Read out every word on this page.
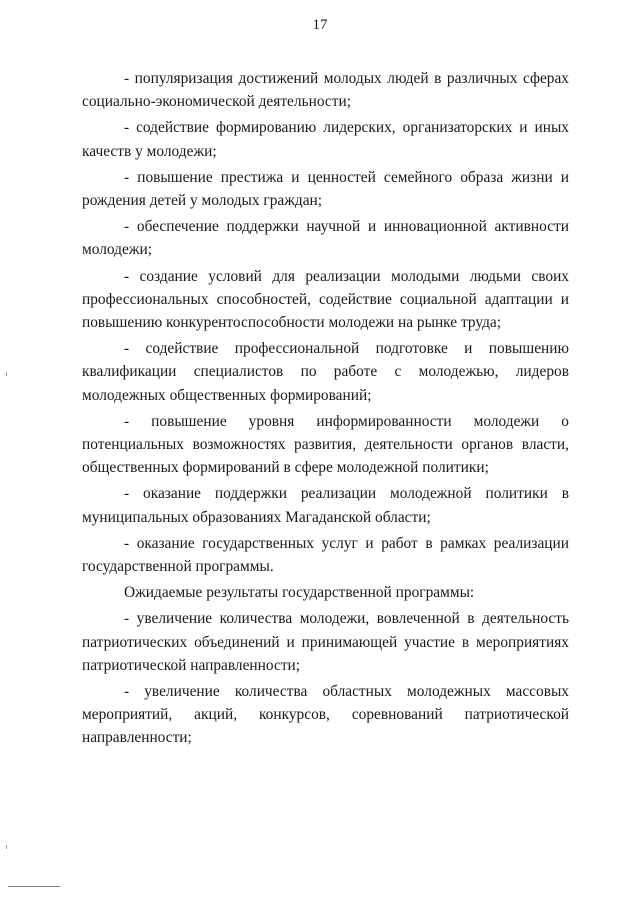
17

- популяризация достижений молодых людей в различных сферах социально-экономической деятельности;

- содействие формированию лидерских, организаторских и иных качеств у молодежи;

- повышение престижа и ценностей семейного образа жизни и рождения детей у молодых граждан;

- обеспечение поддержки научной и инновационной активности молодежи;

- создание условий для реализации молодыми людьми своих профессиональных способностей, содействие социальной адаптации и повышению конкурентоспособности молодежи на рынке труда;

- содействие профессиональной подготовке и повышению квалификации специалистов по работе с молодежью, лидеров молодежных общественных формирований;

- повышение уровня информированности молодежи о потенциальных возможностях развития, деятельности органов власти, общественных формирований в сфере молодежной политики;

- оказание поддержки реализации молодежной политики в муниципальных образованиях Магаданской области;

- оказание государственных услуг и работ в рамках реализации государственной программы.

Ожидаемые результаты государственной программы:

- увеличение количества молодежи, вовлеченной в деятельность патриотических объединений и принимающей участие в мероприятиях патриотической направленности;

- увеличение количества областных молодежных массовых мероприятий, акций, конкурсов, соревнований патриотической направленности;
